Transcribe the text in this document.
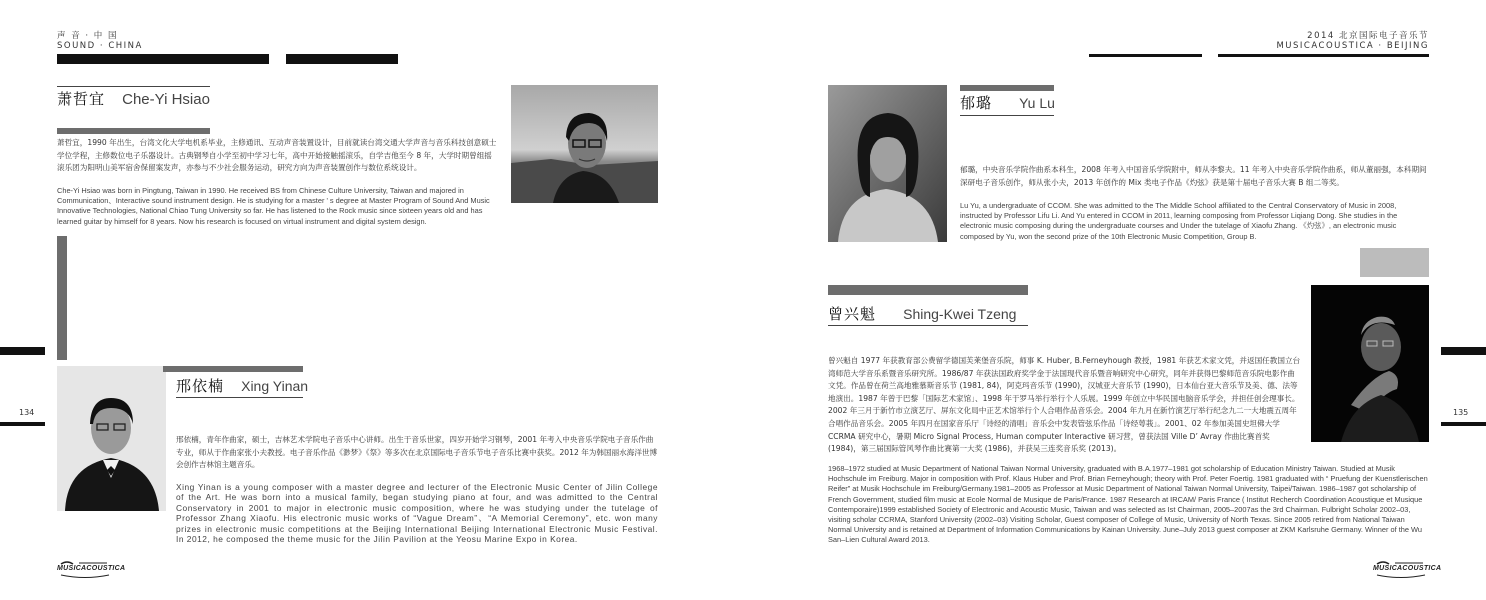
声 音 · 中 国
SOUND · CHINA
萧哲宜 Che-Yi Hsiao
萧哲宜，1990 年出生，台湾文化大学电机系毕业，主修通讯、互动声音装置设计，目前就读台湾交通大学声音与音乐科技创意硕士学位学程，主修数位电子乐器设计。古典钢琴自小学至初中学习七年，高中开始接触摇滚乐，自学吉他至今 8 年，大学时期曾组摇滚乐团为阳明山美军宿舍保留案发声，亦参与不少社会服务运动，研究方向为声音装置创作与数位系统设计。
Che-Yi Hsiao was born in Pingtung, Taiwan in 1990. He received BS from Chinese Culture University, Taiwan and majored in Communication、Interactive sound instrument design. He is studying for a master ' s degree at Master Program of Sound And Music Innovative Technologies, National Chiao Tung University so far. He has listened to the Rock music since sixteen years old and has learned guitar by himself for 8 years. Now his research is focused on virtual instrument and digital system design.
134
邢依楠 Xing Yinan
邢依楠，青年作曲家，硕士，吉林艺术学院电子音乐中心讲师。出生于音乐世家，四岁开始学习钢琴，2001 年考入中央音乐学院电子音乐作曲专业，师从于作曲家张小夫教授。电子音乐作品《渺梦》《祭》等多次在北京国际电子音乐节电子音乐比赛中获奖。2012 年为韩国丽水海洋世博会创作吉林馆主题音乐。
Xing Yinan is a young composer with a master degree and lecturer of the Electronic Music Center of Jilin College of the Art. He was born into a musical family, began studying piano at four, and was admitted to the Central Conservatory in 2001 to major in electronic music composition, where he was studying under the tutelage of Professor Zhang Xiaofu. His electronic music works of “Vague Dream”、“A Memorial Ceremony”, etc. won many prizes in electronic music competitions at the Beijing International Beijing International Electronic Music Festival. In 2012, he composed the theme music for the Jilin Pavilion at the Yeosu Marine Expo in Korea.
MUSICACOUSTICA
2014 北京国际电子音乐节
MUSICACOUSTICA · BEIJING
郁璐 Yu Lu
郁璐，中央音乐学院作曲系本科生，2008 年考入中国音乐学院附中，师从李黎夫。11 年考入中央音乐学院作曲系，师从董丽强，本科期间深研电子音乐创作，师从张小夫，2013 年创作的 Mix 类电子作品《灼弦》获是第十届电子音乐大赛 B 组二等奖。
Lu Yu, a undergraduate of CCOM. She was admitted to the The Middle School affiliated to the Central Conservatory of Music in 2008, instructed by Professor Lifu Li. And Yu entered in CCOM in 2011, learning composing from Professor Liqiang Dong. She studies in the electronic music composing during the undergraduate courses and Under the tutelage of Xiaofu Zhang. 《灼弦》, an electronic music composed by Yu, won the second prize of the 10th Electronic Music Competition, Group B.
曾兴魁 Shing-Kwei Tzeng
曾兴魁自 1977 年获教育部公费留学德国芙莱堡音乐院，师事 K. Huber, B.Ferneyhough 教授，1981 年获艺术家文凭，并返国任教国立台湾师范大学音乐系暨音乐研究所。1986/87 年获法国政府奖学金于法国现代音乐暨音响研究中心研究，同年并获得巴黎师范音乐院电影作曲文凭。作品曾在荷兰高地雅慕斯音乐节 (1981, 84)，阿克玛音乐节 (1990)，汉城亚大音乐节 (1990)，日本仙台亚大音乐节及美、德、法等地演出。1987 年曾于巴黎「国际艺术家馆」、1998 年于罗马举行举行个人乐展。1999 年创立中华民国电脑音乐学会，并担任创会理事长。2002 年三月于新竹市立演艺厅、屏东文化局中正艺术馆举行个人合唱作品音乐会。2004 年九月在新竹演艺厅举行纪念九二一大地震五周年合唱作品音乐会。2005 年四月在国家音乐厅「诗经的清唱」音乐会中发表管弦乐作品「诗经萼莪」。2001、02 年参加美国史坦佛大学 CCRMA 研究中心，暑期 Micro Signal Process, Human computer Interactive 研习营，曾获法国 Ville D’ Avray 作曲比赛首奖 (1984)，第三届国际管风琴作曲比赛第一大奖 (1986)，并获吴三连奖音乐奖 (2013)。
1968–1972 studied at Music Department of National Taiwan Normal University, graduated with B.A.1977–1981 got scholarship of Education Ministry Taiwan. Studied at Musik Hochschule im Freiburg. Major in composition with Prof. Klaus Huber and Prof. Brian Ferneyhough; theory with Prof. Peter Foertig. 1981 graduated with “ Pruefung der Kuenstlerischen Reifer” at Musik Hochschule im Freiburg/Germany.1981–2005 as Professor at Music Department of National Taiwan Normal University, Taipei/Taiwan. 1986–1987 got scholarship of French Government, studied film music at Ecole Normal de Musique de Paris/France. 1987 Research at IRCAM/ Paris France ( Institut Recherch Coordination Acoustique et Musique Contemporaire)1999 established Society of Electronic and Acoustic Music, Taiwan and was selected as Ist Chairman, 2005–2007as the 3rd Chairman. Fulbright Scholar 2002–03, visiting scholar CCRMA, Stanford University (2002–03) Visiting Scholar, Guest composer of College of Music, University of North Texas. Since 2005 retired from National Taiwan Normal University and is retained at Department of Information Communications by Kainan University. June–July 2013 guest composer at ZKM Karlsruhe Germany. Winner of the Wu San–Lien Cultural Award 2013.
135
MUSICACOUSTICA
